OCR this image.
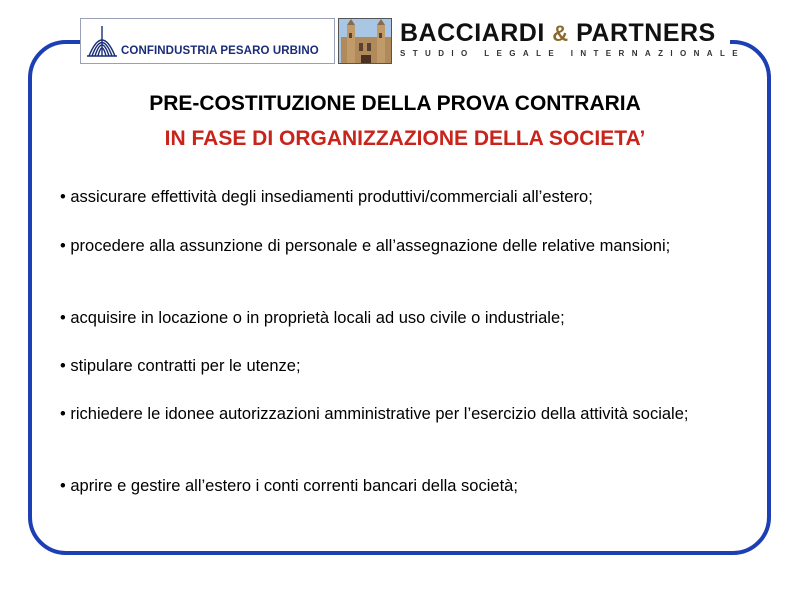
CONFINDUSTRIA PESARO URBINO
BACCIARDI & PARTNERS
STUDIO LEGALE INTERNAZIONALE
PRE-COSTITUZIONE DELLA PROVA CONTRARIA
IN FASE DI ORGANIZZAZIONE DELLA SOCIETA’

• assicurare effettività degli insediamenti produttivi/commerciali all’estero;

• procedere alla assunzione di personale e all’assegnazione delle relative mansioni;

• acquisire in locazione o in proprietà locali ad uso civile o industriale;

• stipulare contratti per le utenze;

• richiedere le idonee autorizzazioni amministrative per l’esercizio della attività sociale;

• aprire e gestire all’estero i conti correnti bancari della società;
